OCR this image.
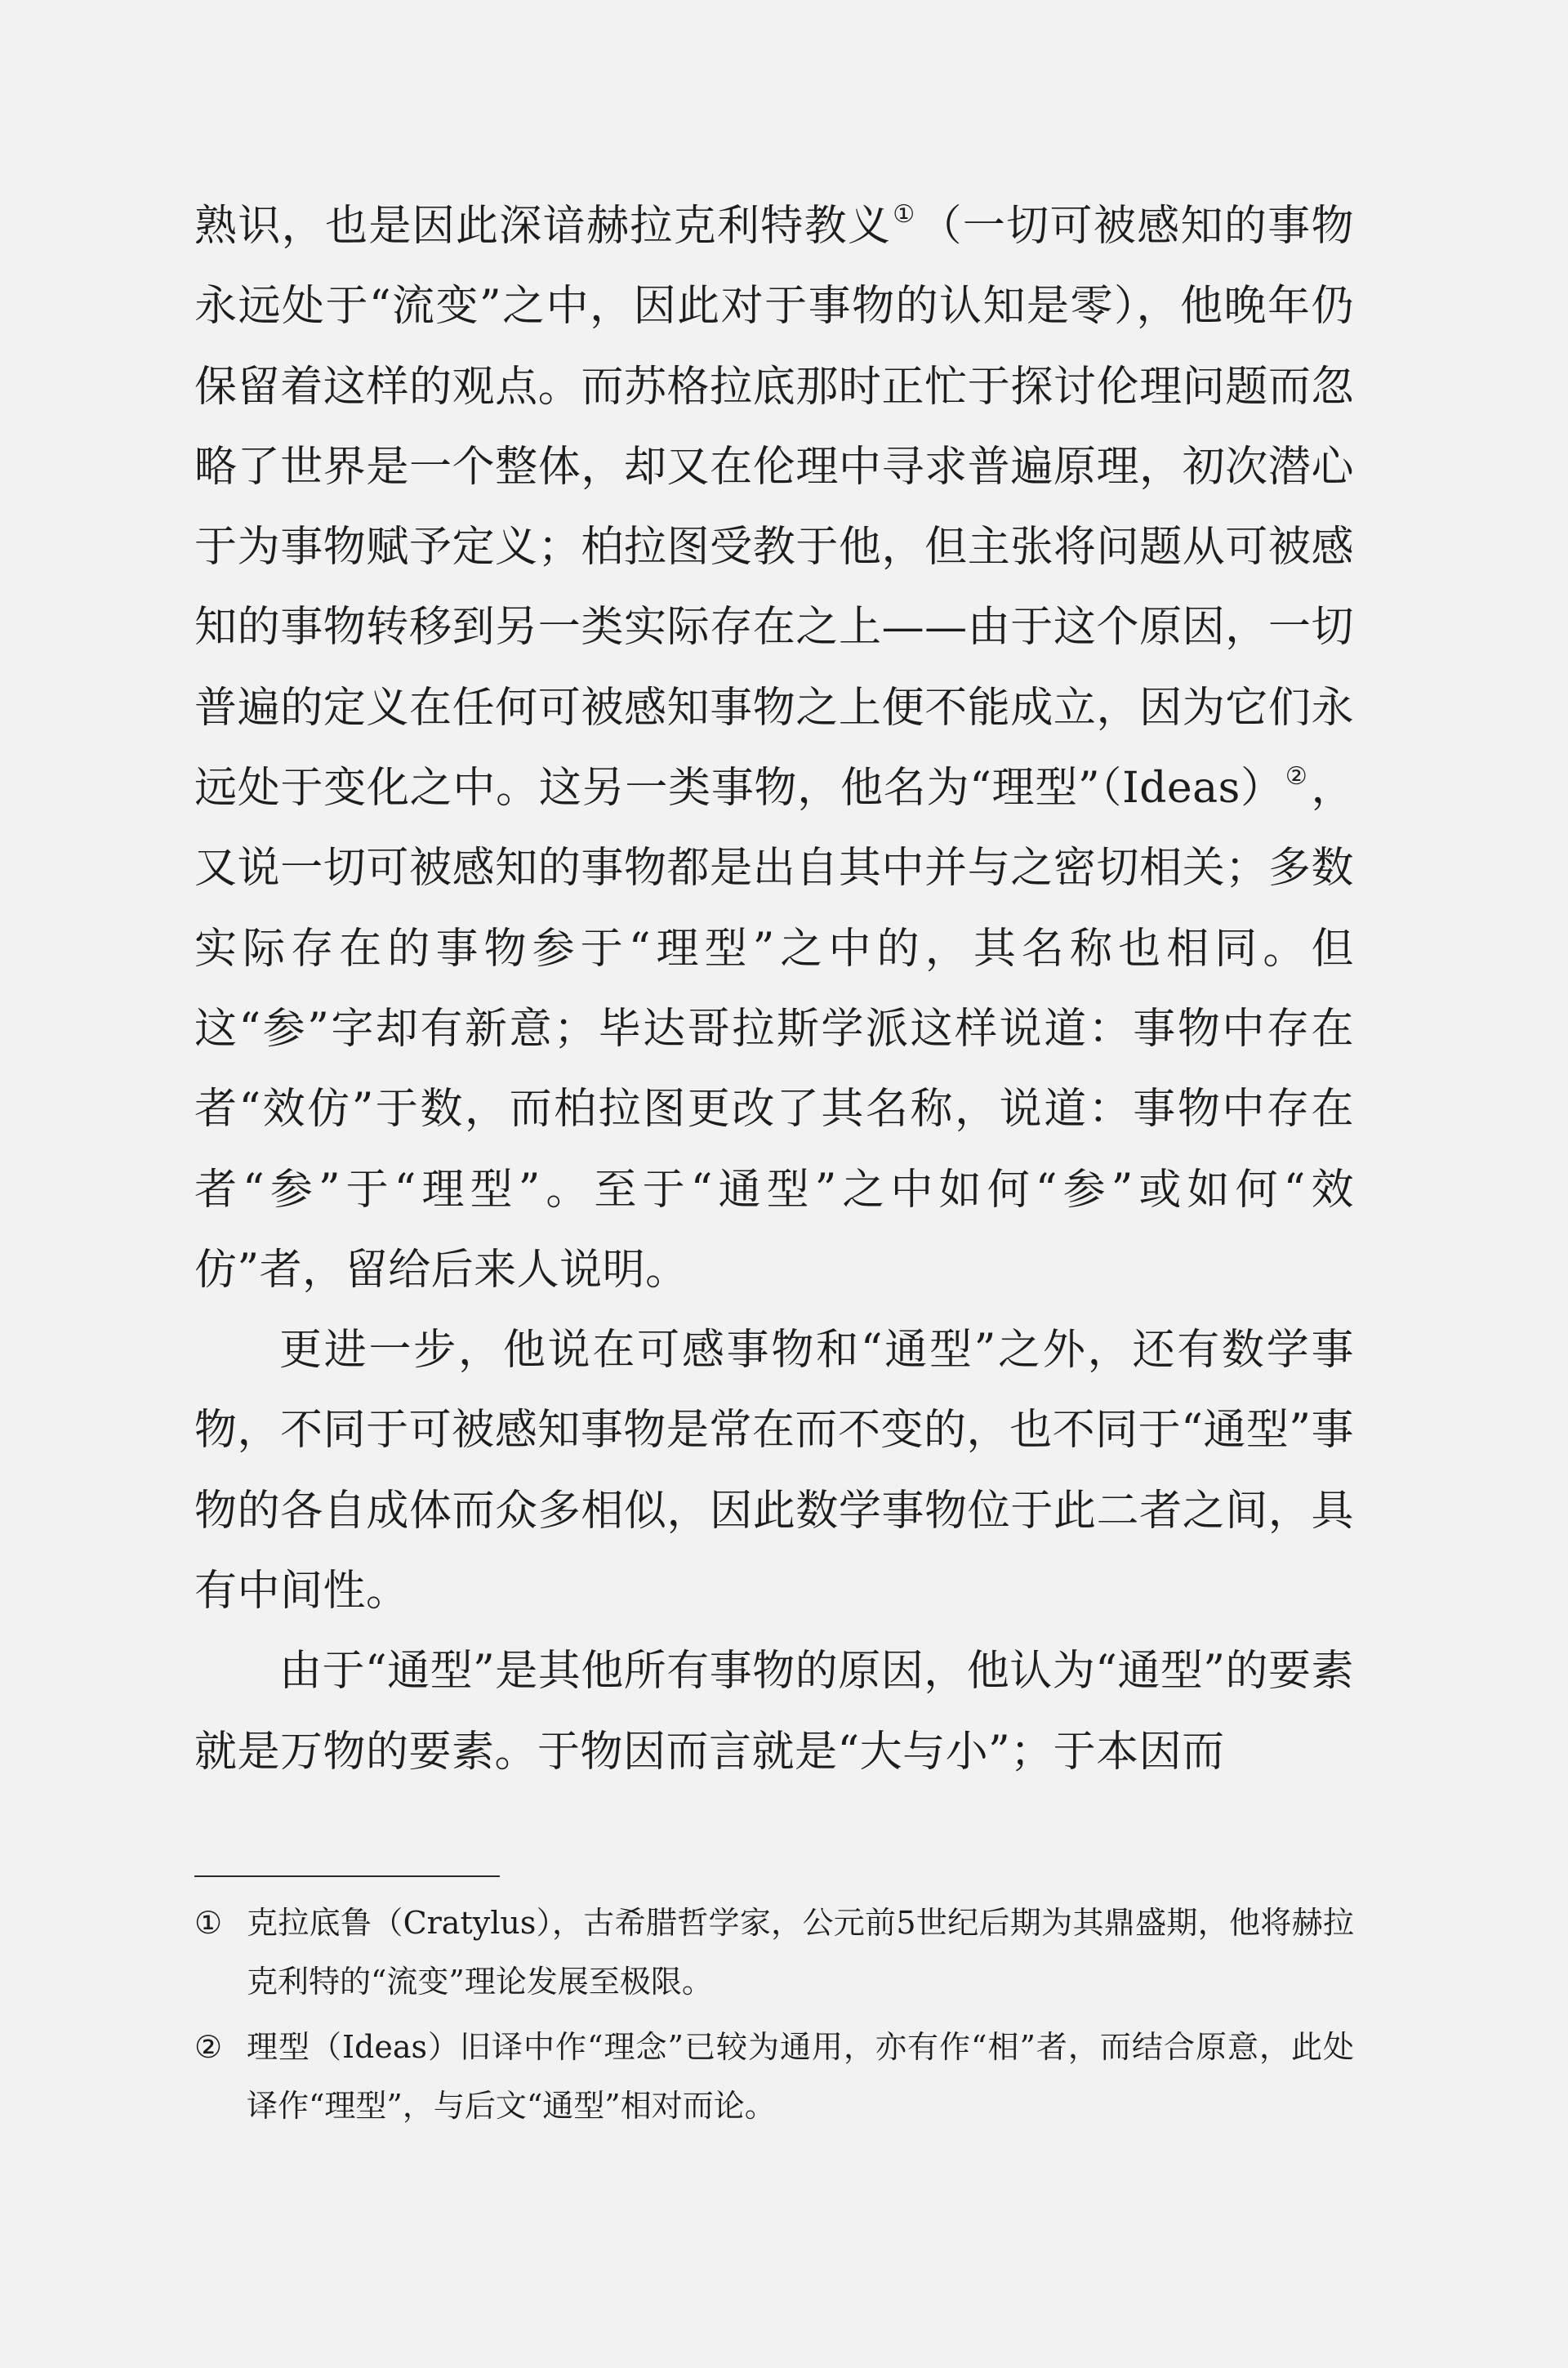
熟识，也是因此深谙赫拉克利特教义①（一切可被感知的事物永远处于“流变”之中，因此对于事物的认知是零），他晚年仍保留着这样的观点。而苏格拉底那时正忙于探讨伦理问题而忽略了世界是一个整体，却又在伦理中寻求普遍原理，初次潜心于为事物赋予定义；柏拉图受教于他，但主张将问题从可被感知的事物转移到另一类实际存在之上——由于这个原因，一切普遍的定义在任何可被感知事物之上便不能成立，因为它们永远处于变化之中。这另一类事物，他名为“理型”（Ideas）②，又说一切可被感知的事物都是出自其中并与之密切相关；多数实际存在的事物参于“理型”之中的，其名称也相同。但这“参”字却有新意；毕达哥拉斯学派这样说道：事物中存在者“效仿”于数，而柏拉图更改了其名称，说道：事物中存在者“参”于“理型”。至于“通型”之中如何“参”或如何“效仿”者，留给后来人说明。

更进一步，他说在可感事物和“通型”之外，还有数学事物，不同于可被感知事物是常在而不变的，也不同于“通型”事物的各自成体而众多相似，因此数学事物位于此二者之间，具有中间性。

由于“通型”是其他所有事物的原因，他认为“通型”的要素就是万物的要素。于物因而言就是“大与小”；于本因而

① 克拉底鲁（Cratylus），古希腊哲学家，公元前5世纪后期为其鼎盛期，他将赫拉克利特的“流变”理论发展至极限。
② 理型（Ideas）旧译中作“理念”已较为通用，亦有作“相”者，而结合原意，此处译作“理型”，与后文“通型”相对而论。
